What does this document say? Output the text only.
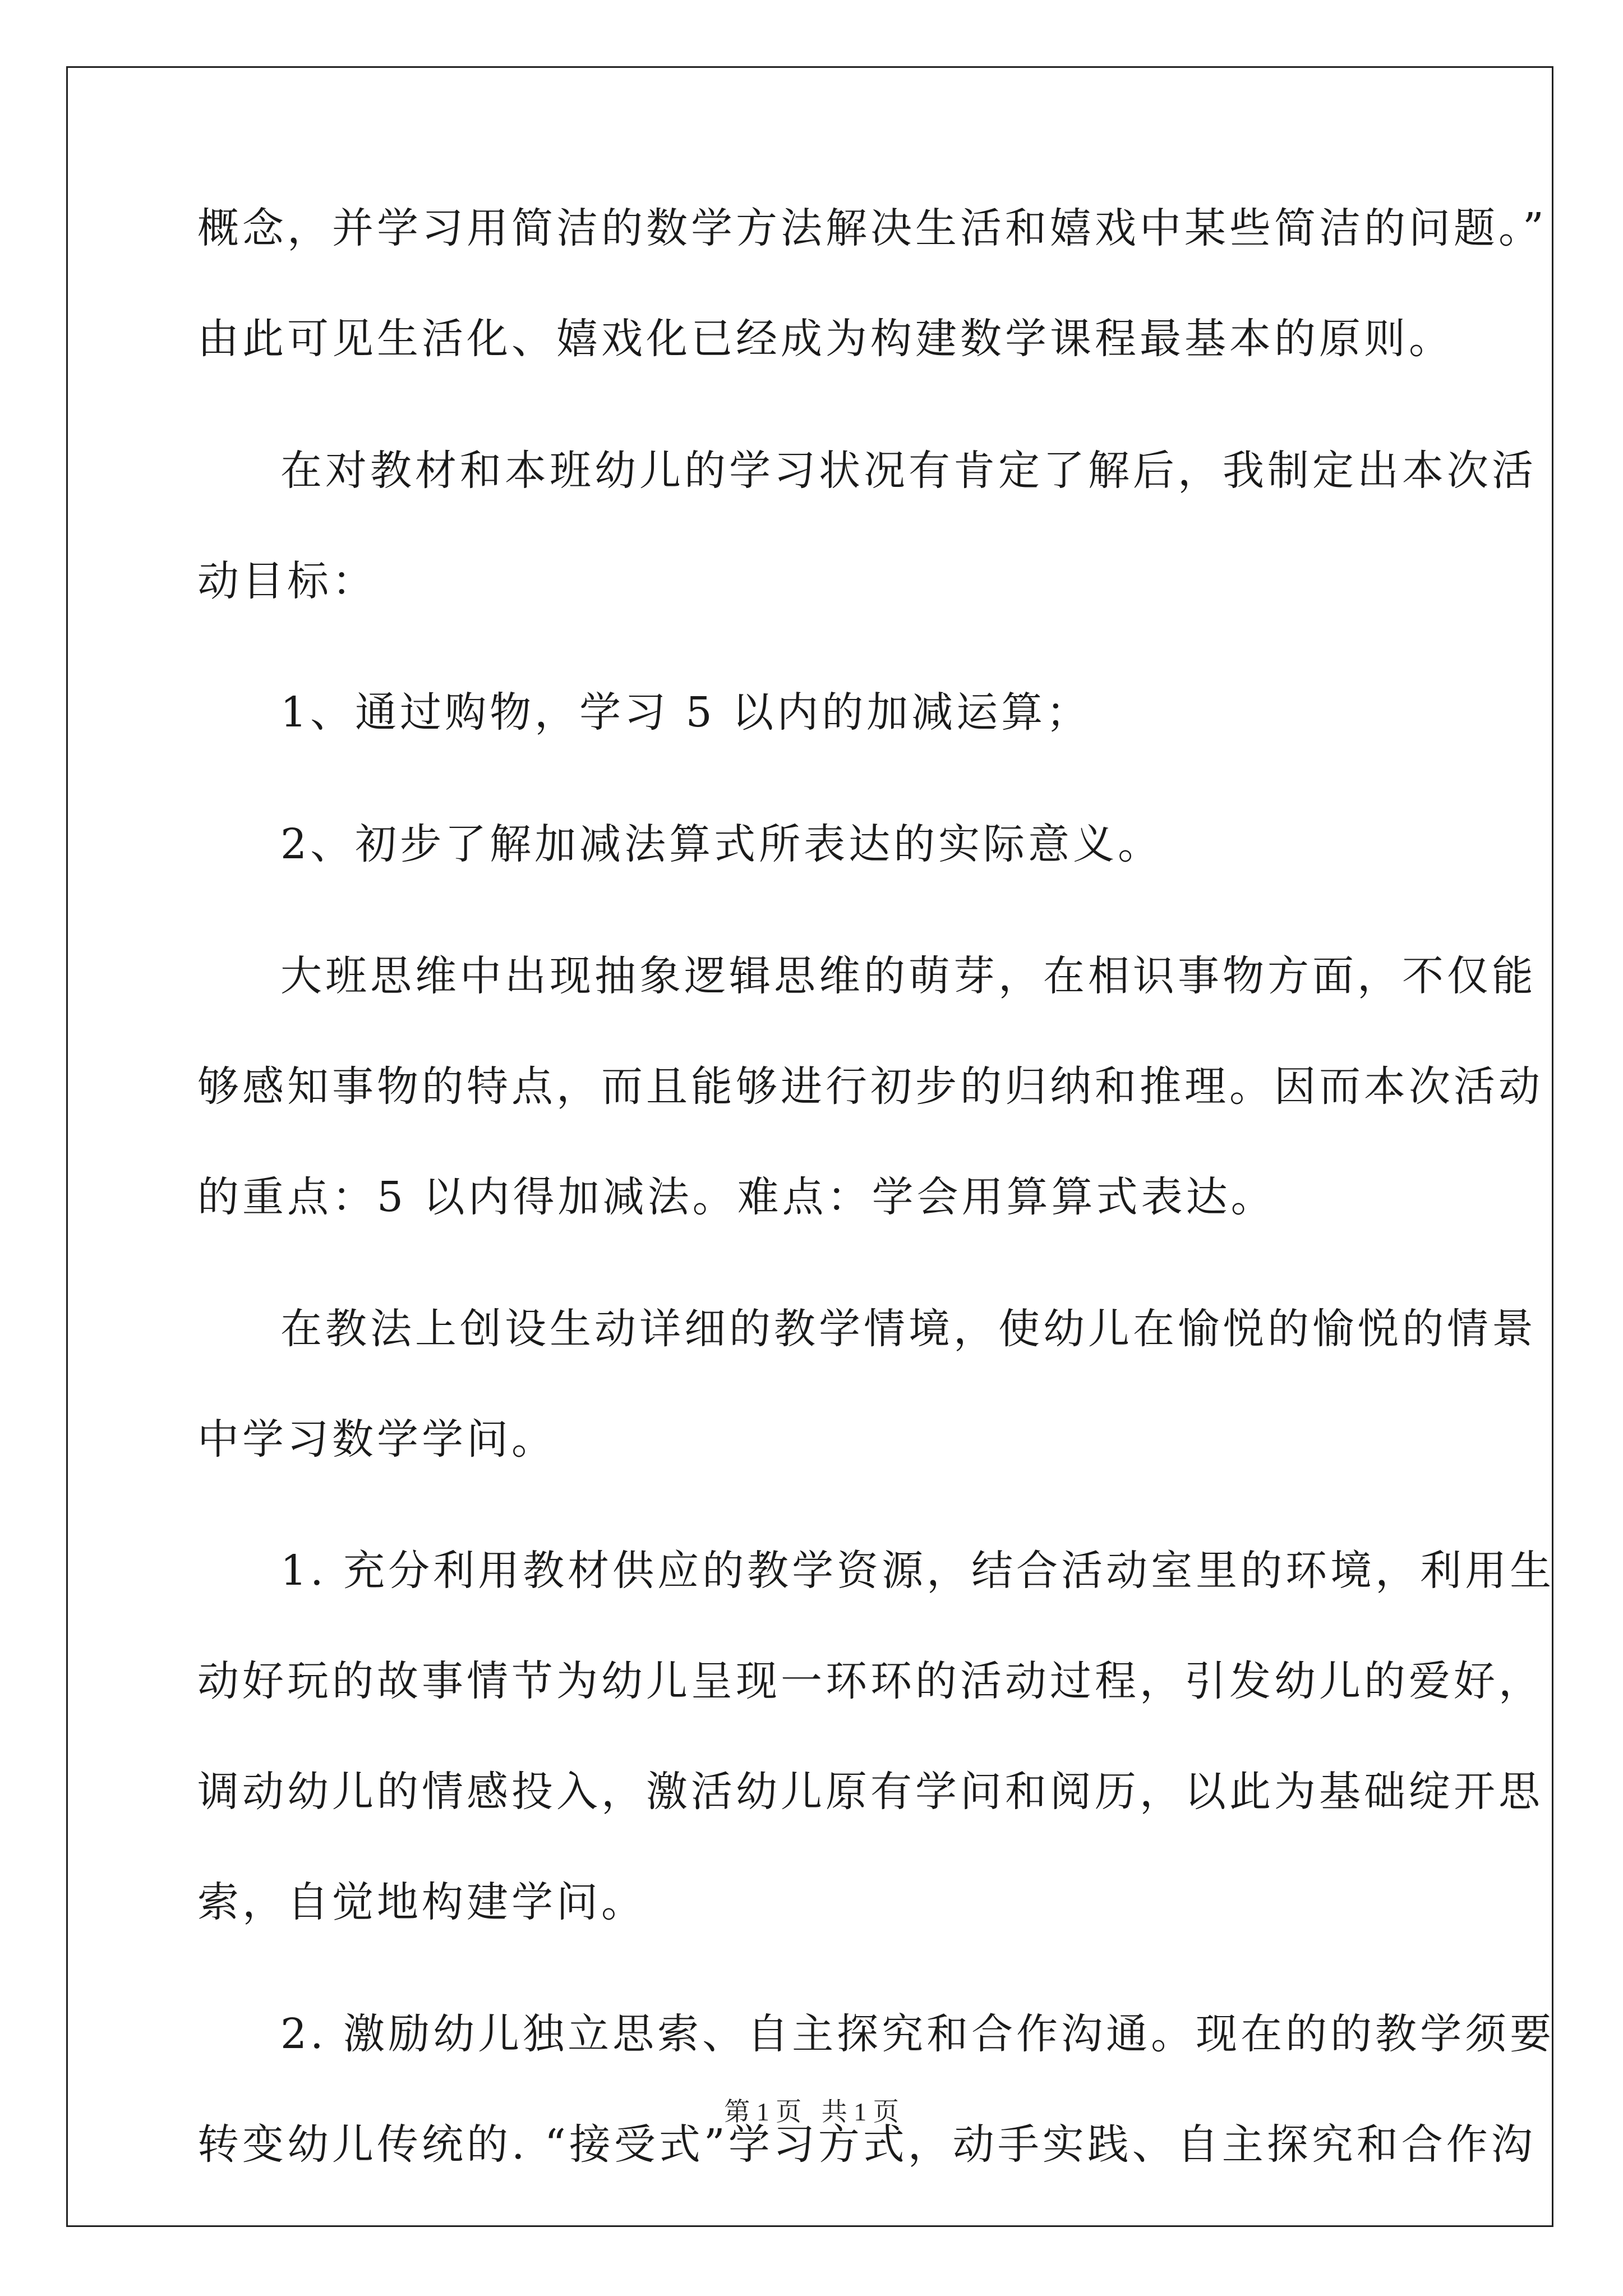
概念，并学习用简洁的数学方法解决生活和嬉戏中某些简洁的问题。”
由此可见生活化、嬉戏化已经成为构建数学课程最基本的原则。
在对教材和本班幼儿的学习状况有肯定了解后，我制定出本次活
动目标：
1、通过购物，学习 5 以内的加减运算；
2、初步了解加减法算式所表达的实际意义。
大班思维中出现抽象逻辑思维的萌芽，在相识事物方面，不仅能
够感知事物的特点，而且能够进行初步的归纳和推理。因而本次活动
的重点：5 以内得加减法。难点：学会用算算式表达。
在教法上创设生动详细的教学情境，使幼儿在愉悦的愉悦的情景
中学习数学学问。
1. 充分利用教材供应的教学资源，结合活动室里的环境，利用生
动好玩的故事情节为幼儿呈现一环环的活动过程，引发幼儿的爱好，
调动幼儿的情感投入，激活幼儿原有学问和阅历，以此为基础绽开思
索，自觉地构建学问。
2. 激励幼儿独立思索、自主探究和合作沟通。现在的的教学须要
转变幼儿传统的. “接受式”学习方式，动手实践、自主探究和合作沟
第 1 页 共 1 页
